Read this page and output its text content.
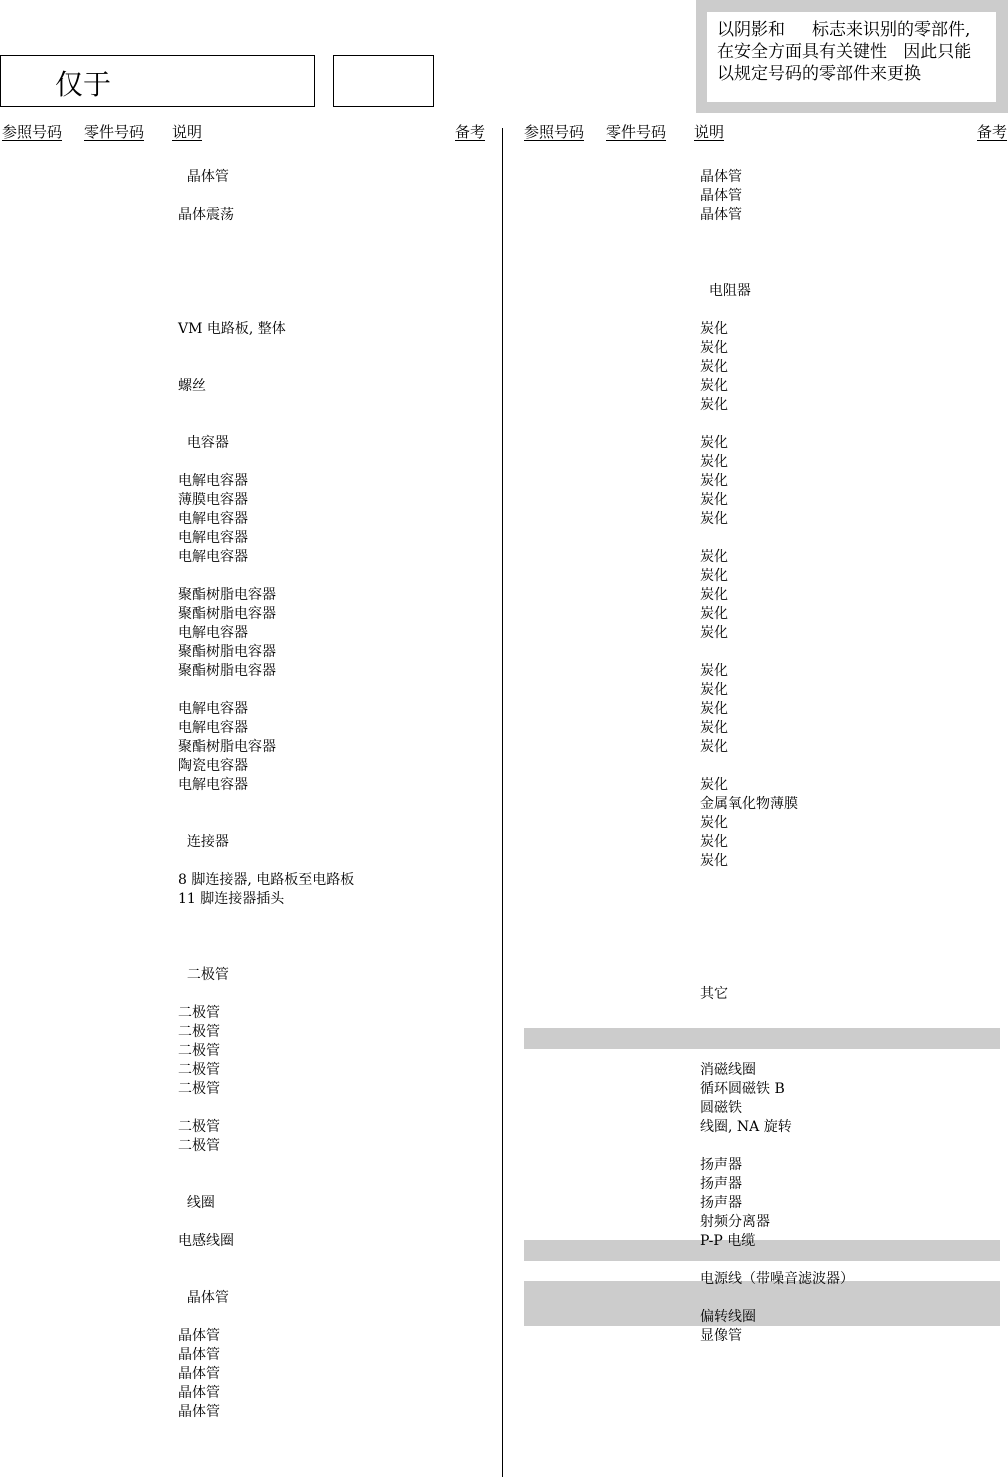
仅于
以阴影和     标志来识别的零部件,
在安全方面具有关键性   因此只能
以规定号码的零部件来更换
参照号码 零件号码 说明	备考	参照号码 零件号码 说明	备考
晶体管
晶体震荡
VM 电路板, 整体
螺丝
电容器
电解电容器
薄膜电容器
电解电容器
电解电容器
电解电容器
聚酯树脂电容器
聚酯树脂电容器
电解电容器
聚酯树脂电容器
聚酯树脂电容器
电解电容器
电解电容器
聚酯树脂电容器
陶瓷电容器
电解电容器
连接器
8 脚连接器, 电路板至电路板
11 脚连接器插头
二极管
二极管
二极管
二极管
二极管
二极管
二极管
二极管
线圈
电感线圈
晶体管
晶体管
晶体管
晶体管
晶体管
晶体管
晶体管
晶体管
晶体管
电阻器
炭化
炭化
炭化
炭化
炭化
炭化
炭化
炭化
炭化
炭化
炭化
炭化
炭化
炭化
炭化
炭化
炭化
炭化
炭化
炭化
炭化
金属氧化物薄膜
炭化
炭化
炭化
其它
消磁线圈
循环圆磁铁 B
圆磁铁
线圈, NA 旋转
扬声器
扬声器
扬声器
射频分离器
P-P 电缆
电源线（带噪音滤波器）
偏转线圈
显像管
